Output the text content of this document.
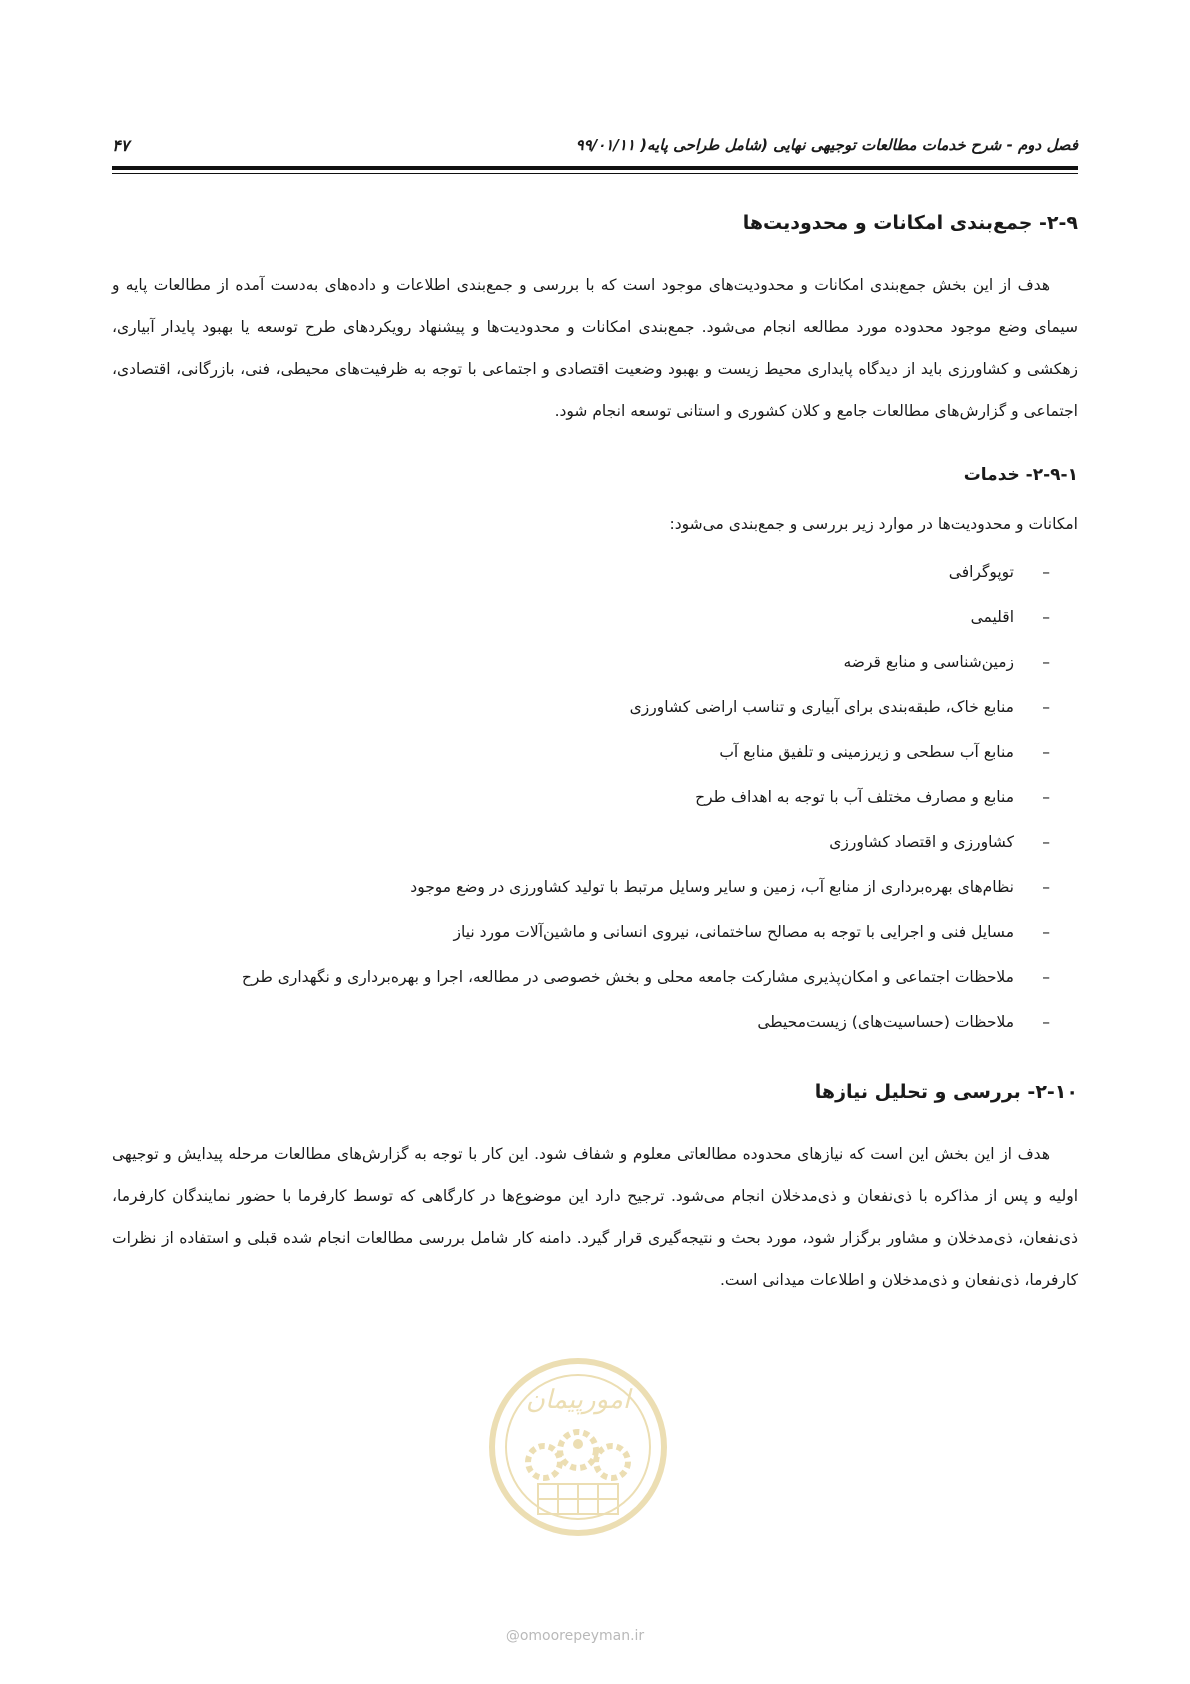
فصل دوم - شرح خدمات مطالعات توجیهی نهایی (شامل طراحی پایه( ۹۹/۰۱/۱۱
۴۷
۲-۹- جمع‌بندی امکانات و محدودیت‌ها

هدف از این بخش جمع‌بندی امکانات و محدودیت‌های موجود است که با بررسی و جمع‌بندی اطلاعات و داده‌های به‌دست آمده از مطالعات پایه و سیمای وضع موجود محدوده مورد مطالعه انجام می‌شود. جمع‌بندی امکانات و محدودیت‌ها و پیشنهاد رویکردهای طرح توسعه یا بهبود پایدار آبیاری، زهکشی و کشاورزی باید از دیدگاه پایداری محیط زیست و بهبود وضعیت اقتصادی و اجتماعی با توجه به ظرفیت‌های محیطی، فنی، بازرگانی، اقتصادی، اجتماعی و گزارش‌های مطالعات جامع و کلان کشوری و استانی توسعه انجام شود.

۲-۹-۱- خدمات

امکانات و محدودیت‌ها در موارد زیر بررسی و جمع‌بندی می‌شود:

– توپوگرافی
– اقلیمی
– زمین‌شناسی و منابع قرضه
– منابع خاک، طبقه‌بندی برای آبیاری و تناسب اراضی کشاورزی
– منابع آب سطحی و زیرزمینی و تلفیق منابع آب
– منابع و مصارف مختلف آب با توجه به اهداف طرح
– کشاورزی و اقتصاد کشاورزی
– نظام‌های بهره‌برداری از منابع آب، زمین و سایر وسایل مرتبط با تولید کشاورزی در وضع موجود
– مسایل فنی و اجرایی با توجه به مصالح ساختمانی، نیروی انسانی و ماشین‌آلات مورد نیاز
– ملاحظات اجتماعی و امکان‌پذیری مشارکت جامعه محلی و بخش خصوصی در مطالعه، اجرا و بهره‌برداری و نگهداری طرح
– ملاحظات (حساسیت‌های) زیست‌محیطی
۲-۱۰- بررسی و تحلیل نیازها

هدف از این بخش این است که نیازهای محدوده مطالعاتی معلوم و شفاف شود. این کار با توجه به گزارش‌های مطالعات مرحله پیدایش و توجیهی اولیه و پس از مذاکره با ذی‌نفعان و ذی‌مدخلان انجام می‌شود. ترجیح دارد این موضوع‌ها در کارگاهی که توسط کارفرما با حضور نمایندگان کارفرما، ذی‌نفعان، ذی‌مدخلان و مشاور برگزار شود، مورد بحث و نتیجه‌گیری قرار گیرد. دامنه کار شامل بررسی مطالعات انجام شده قبلی و استفاده از نظرات کارفرما، ذی‌نفعان و ذی‌مدخلان و اطلاعات میدانی است.

امورپیمان
@omoorepeyman.ir
